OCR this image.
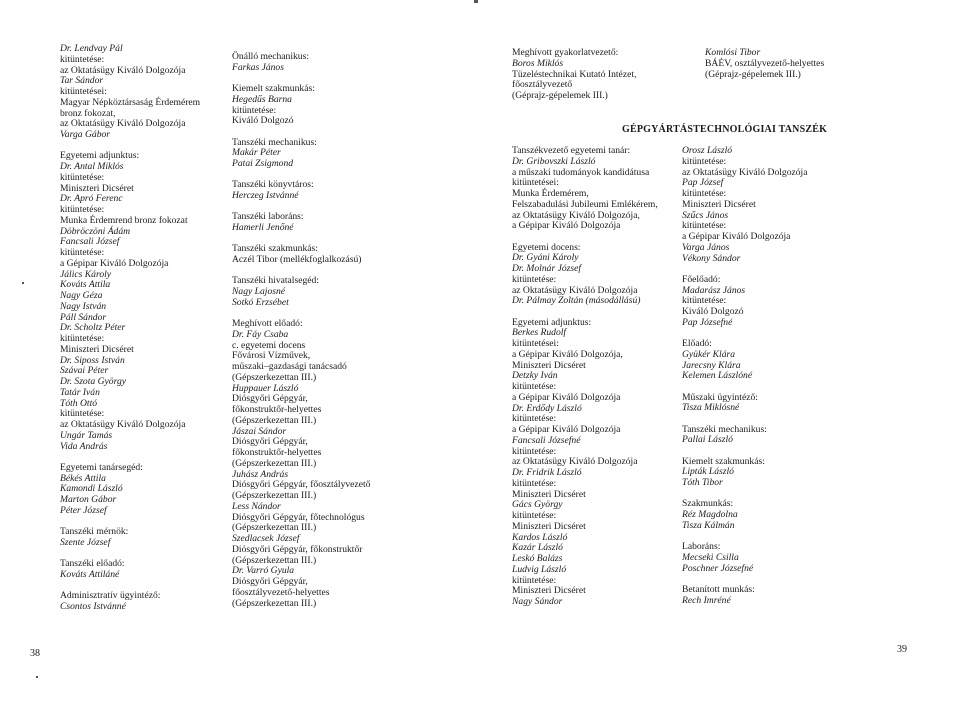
Dr. Lendvay Pál
kitüntetése:
az Oktatásügy Kiváló Dolgozója
Tar Sándor
kitüntetései:
Magyar Népköztársaság Érdemérem
bronz fokozat,
az Oktatásügy Kiváló Dolgozója
Varga Gábor
Egyetemi adjunktus:
Dr. Antal Miklós
kitüntetése:
Miniszteri Dicséret
Dr. Apró Ferenc
kitüntetése:
Munka Érdemrend bronz fokozat
Döbröczöni Ádám
Fancsali József
kitüntetése:
a Gépipar Kiváló Dolgozója
Jálics Károly
Kováts Attila
Nagy Géza
Nagy István
Páll Sándor
Dr. Scholtz Péter
kitüntetése:
Miniszteri Dicséret
Dr. Siposs István
Szávai Péter
Dr. Szota György
Tatár Iván
Tóth Ottó
kitüntetése:
az Oktatásügy Kiváló Dolgozója
Ungár Tamás
Vida András
Egyetemi tanársegéd:
Békés Attila
Kamondi László
Marton Gábor
Péter József
Tanszéki mérnök:
Szente József
Tanszéki előadó:
Kováts Attiláné
Adminisztratív ügyintéző:
Csontos Istvánné
Önálló mechanikus:
Farkas János
Kiemelt szakmunkás:
Hegedűs Barna
kitüntetése:
Kiváló Dolgozó
Tanszéki mechanikus:
Makár Péter
Patai Zsigmond
Tanszéki könyvtáros:
Herczeg Istvánné
Tanszéki laboráns:
Hamerli Jenőné
Tanszéki szakmunkás:
Aczél Tibor (mellékfoglalkozású)
Tanszéki hivatalsegéd:
Nagy Lajosné
Sotkó Erzsébet
Meghívott előadó:
Dr. Fáy Csaba
c. egyetemi docens
Fővárosi Vízművek,
műszaki–gazdasági tanácsadó
(Gépszerkezettan III.)
Huppauer László
Diósgyőri Gépgyár,
főkonstruktőr-helyettes
(Gépszerkezettan III.)
Jászai Sándor
Diósgyőri Gépgyár,
főkonstruktőr-helyettes
(Gépszerkezettan III.)
Juhász András
Diósgyőri Gépgyár, főosztályvezető
(Gépszerkezettan III.)
Less Nándor
Diósgyőri Gépgyár, főtechnológus
(Gépszerkezettan III.)
Szedlacsek József
Diósgyőri Gépgyár, főkonstruktőr
(Gépszerkezettan III.)
Dr. Varró Gyula
Diósgyőri Gépgyár,
főosztályvezető-helyettes
(Gépszerkezettan III.)
Meghívott gyakorlatvezető:
Boros Miklós
Tüzeléstechnikai Kutató Intézet,
főosztályvezető
(Géprajz-gépelemek III.)
Komlósi Tibor
BÁÉV, osztályvezető-helyettes
(Géprajz-gépelemek III.)
GÉPGYÁRTÁSTECHNOLÓGIAI TANSZÉK
Tanszékvezető egyetemi tanár:
Dr. Gribovszki László
a műszaki tudományok kandidátusa
kitüntetései:
Munka Érdemérem,
Felszabadulási Jubileumi Emlékérem,
az Oktatásügy Kiváló Dolgozója,
a Gépipar Kiváló Dolgozója
Egyetemi docens:
Dr. Gyáni Károly
Dr. Molnár József
kitüntetése:
az Oktatásügy Kiváló Dolgozója
Dr. Pálmay Zoltán (másodállású)
Egyetemi adjunktus:
Berkes Rudolf
kitüntetései:
a Gépipar Kiváló Dolgozója,
Miniszteri Dicséret
Detzky Iván
kitüntetése:
a Gépipar Kiváló Dolgozója
Dr. Erdődy László
kitüntetése:
a Gépipar Kiváló Dolgozója
Fancsali Józsefné
kitüntetése:
az Oktatásügy Kiváló Dolgozója
Dr. Fridrik László
kitüntetése:
Miniszteri Dicséret
Gács György
kitüntetése:
Miniszteri Dicséret
Kardos László
Kazár László
Leskó Balázs
Ludvig László
kitüntetése:
Miniszteri Dicséret
Nagy Sándor
Orosz László
kitüntetése:
az Oktatásügy Kiváló Dolgozója
Pap József
kitüntetése:
Miniszteri Dicséret
Szűcs János
kitüntetése:
a Gépipar Kiváló Dolgozója
Varga János
Vékony Sándor
Főelőadó:
Madarász János
kitüntetése:
Kiváló Dolgozó
Pap Józsefné
Előadó:
Gyükér Klára
Jarecsny Klára
Kelemen Lászlóné
Műszaki ügyintéző:
Tisza Miklósné
Tanszéki mechanikus:
Pallai László
Kiemelt szakmunkás:
Lipták László
Tóth Tibor
Szakmunkás:
Réz Magdolna
Tisza Kálmán
Laboráns:
Mecseki Csilla
Poschner Józsefné
Betanított munkás:
Rech Imréné
38	39
